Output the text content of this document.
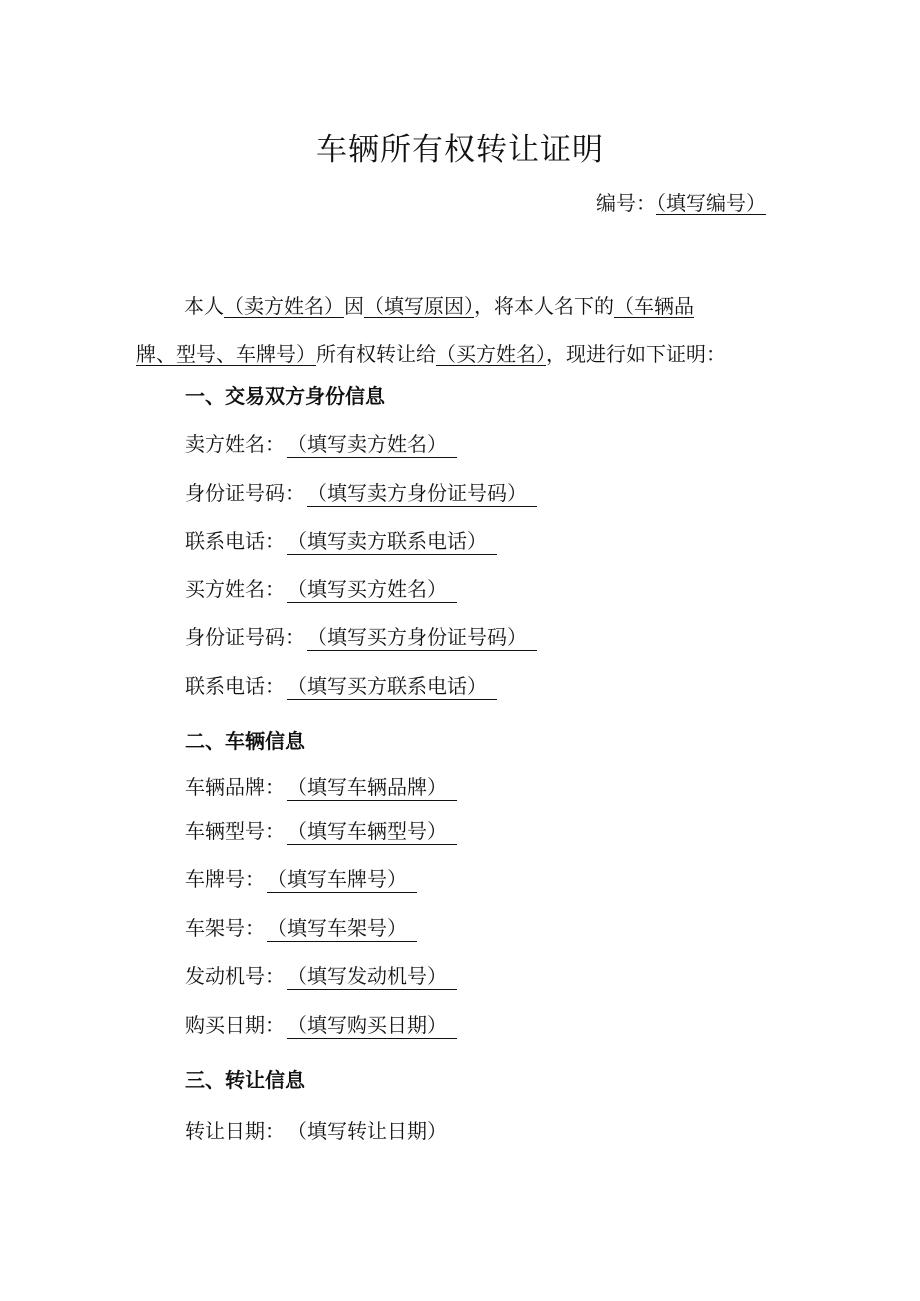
车辆所有权转让证明
编号：（填写编号）
本人（卖方姓名）因（填写原因），将本人名下的（车辆品
牌、型号、车牌号）所有权转让给（买方姓名），现进行如下证明：
一、交易双方身份信息
卖方姓名： （填写卖方姓名）
身份证号码： （填写卖方身份证号码）
联系电话： （填写卖方联系电话）
买方姓名： （填写买方姓名）
身份证号码： （填写买方身份证号码）
联系电话： （填写买方联系电话）
二、车辆信息
车辆品牌： （填写车辆品牌）
车辆型号： （填写车辆型号）
车牌号： （填写车牌号）
车架号： （填写车架号）
发动机号： （填写发动机号）
购买日期： （填写购买日期）
三、转让信息
转让日期： （填写转让日期）
